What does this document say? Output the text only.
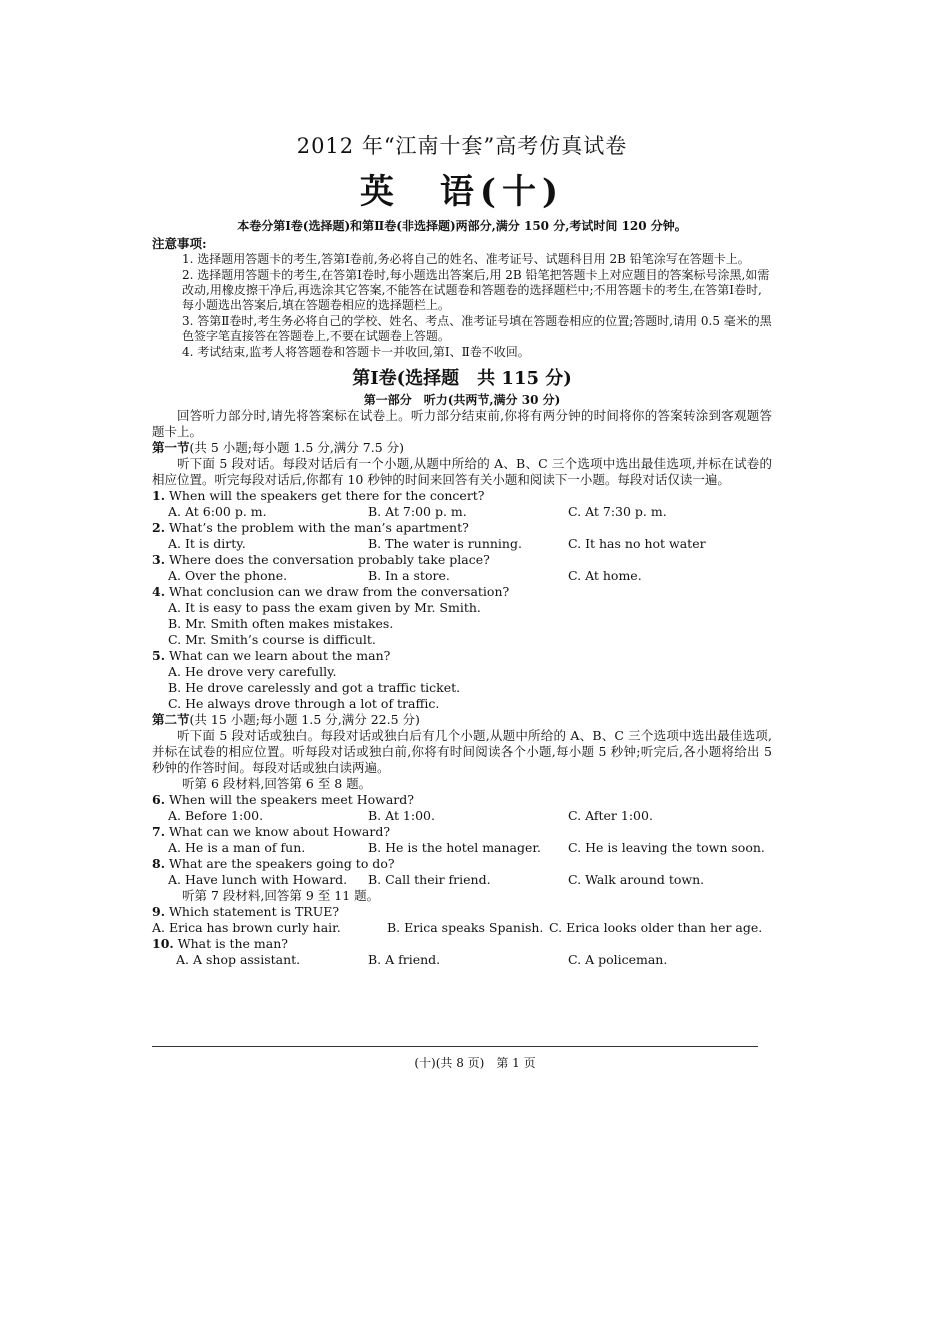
2012 年“江南十套”高考仿真试卷
英　语(十)
本卷分第Ⅰ卷(选择题)和第Ⅱ卷(非选择题)两部分,满分 150 分,考试时间 120 分钟。
注意事项:
1. 选择题用答题卡的考生,答第Ⅰ卷前,务必将自己的姓名、准考证号、试题科目用 2B 铅笔涂写在答题卡上。
2. 选择题用答题卡的考生,在答第Ⅰ卷时,每小题选出答案后,用 2B 铅笔把答题卡上对应题目的答案标号涂黑,如需改动,用橡皮擦干净后,再选涂其它答案,不能答在试题卷和答题卷的选择题栏中;不用答题卡的考生,在答第Ⅰ卷时,每小题选出答案后,填在答题卷相应的选择题栏上。
3. 答第Ⅱ卷时,考生务必将自己的学校、姓名、考点、准考证号填在答题卷相应的位置;答题时,请用 0.5 毫米的黑色签字笔直接答在答题卷上,不要在试题卷上答题。
4. 考试结束,监考人将答题卷和答题卡一并收回,第Ⅰ、Ⅱ卷不收回。
第Ⅰ卷(选择题　共 115 分)
第一部分　听力(共两节,满分 30 分)
回答听力部分时,请先将答案标在试卷上。听力部分结束前,你将有两分钟的时间将你的答案转涂到客观题答题卡上。
第一节(共 5 小题;每小题 1.5 分,满分 7.5 分)
听下面 5 段对话。每段对话后有一个小题,从题中所给的 A、B、C 三个选项中选出最佳选项,并标在试卷的相应位置。听完每段对话后,你都有 10 秒钟的时间来回答有关小题和阅读下一小题。每段对话仅读一遍。
1. When will the speakers get there for the concert?
A. At 6:00 p. m.	B. At 7:00 p. m.	C. At 7:30 p. m.
2. What’s the problem with the man’s apartment?
A. It is dirty.	B. The water is running.	C. It has no hot water
3. Where does the conversation probably take place?
A. Over the phone.	B. In a store.	C. At home.
4. What conclusion can we draw from the conversation?
A. It is easy to pass the exam given by Mr. Smith.
B. Mr. Smith often makes mistakes.
C. Mr. Smith’s course is difficult.
5. What can we learn about the man?
A. He drove very carefully.
B. He drove carelessly and got a traffic ticket.
C. He always drove through a lot of traffic.
第二节(共 15 小题;每小题 1.5 分,满分 22.5 分)
听下面 5 段对话或独白。每段对话或独白后有几个小题,从题中所给的 A、B、C 三个选项中选出最佳选项,并标在试卷的相应位置。听每段对话或独白前,你将有时间阅读各个小题,每小题 5 秒钟;听完后,各小题将给出 5 秒钟的作答时间。每段对话或独白读两遍。
听第 6 段材料,回答第 6 至 8 题。
6. When will the speakers meet Howard?
A. Before 1:00.	B. At 1:00.	C. After 1:00.
7. What can we know about Howard?
A. He is a man of fun.	B. He is the hotel manager.	C. He is leaving the town soon.
8. What are the speakers going to do?
A. Have lunch with Howard.	B. Call their friend.	C. Walk around town.
听第 7 段材料,回答第 9 至 11 题。
9. Which statement is TRUE?
A. Erica has brown curly hair.	B. Erica speaks Spanish. C. Erica looks older than her age.
10. What is the man?
A. A shop assistant.	B. A friend.	C. A policeman.
(十)(共 8 页)　第 1 页
